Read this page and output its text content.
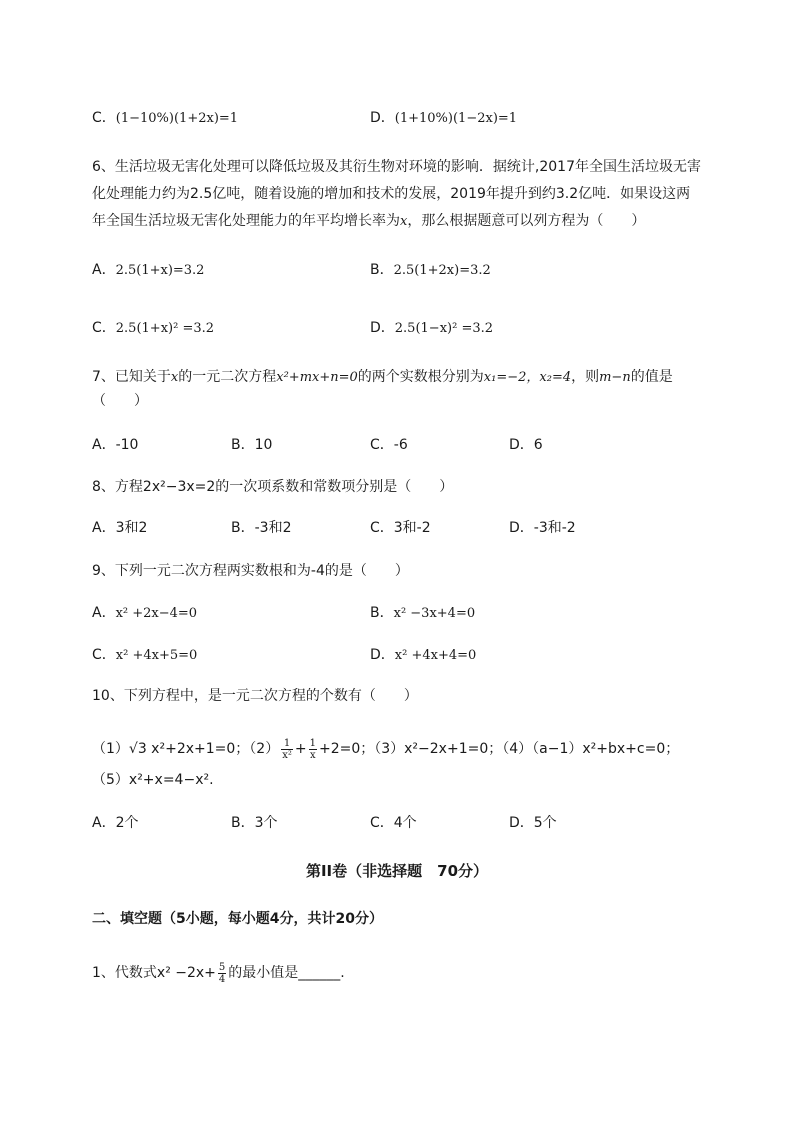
C．(1−10%)(1+2x)=1	D．(1+10%)(1−2x)=1
6、生活垃圾无害化处理可以降低垃圾及其衍生物对环境的影响．据统计,2017年全国生活垃圾无害
化处理能力约为2.5亿吨，随着设施的增加和技术的发展，2019年提升到约3.2亿吨．如果设这两
年全国生活垃圾无害化处理能力的年平均增长率为x，那么根据题意可以列方程为（　　）
A．2.5(1+x)=3.2	B．2.5(1+2x)=3.2
C．2.5(1+x)² =3.2	D．2.5(1−x)² =3.2
7、已知关于x的一元二次方程x²+mx+n=0的两个实数根分别为x₁=−2，x₂=4，则m−n的值是
（　　）
A．-10	B．10	C．-6	D．6
8、方程2x²−3x=2的一次项系数和常数项分别是（　　）
A．3和2	B．-3和2	C．3和-2	D．-3和-2
9、下列一元二次方程两实数根和为-4的是（　　）
A．x² +2x−4=0	B．x² −3x+4=0
C．x² +4x+5=0	D．x² +4x+4=0
10、下列方程中，是一元二次方程的个数有（　　）
（1）√3 x²+2x+1=0；$(2) \frac{1}{\text{x²}} + \frac{1}{x} +2=0$；（3）x²−2x+1=0；（4）（a−1）x²+bx+c=0；
（5）x²+x=4−x².
A．2个	B．3个	C．4个	D．5个
第II卷（非选择题　70分）
二、填空题（5小题，每小题4分，共计20分）
1、代数式$x^2 -2x+ \frac{5}{4}$ 的最小值是______.
